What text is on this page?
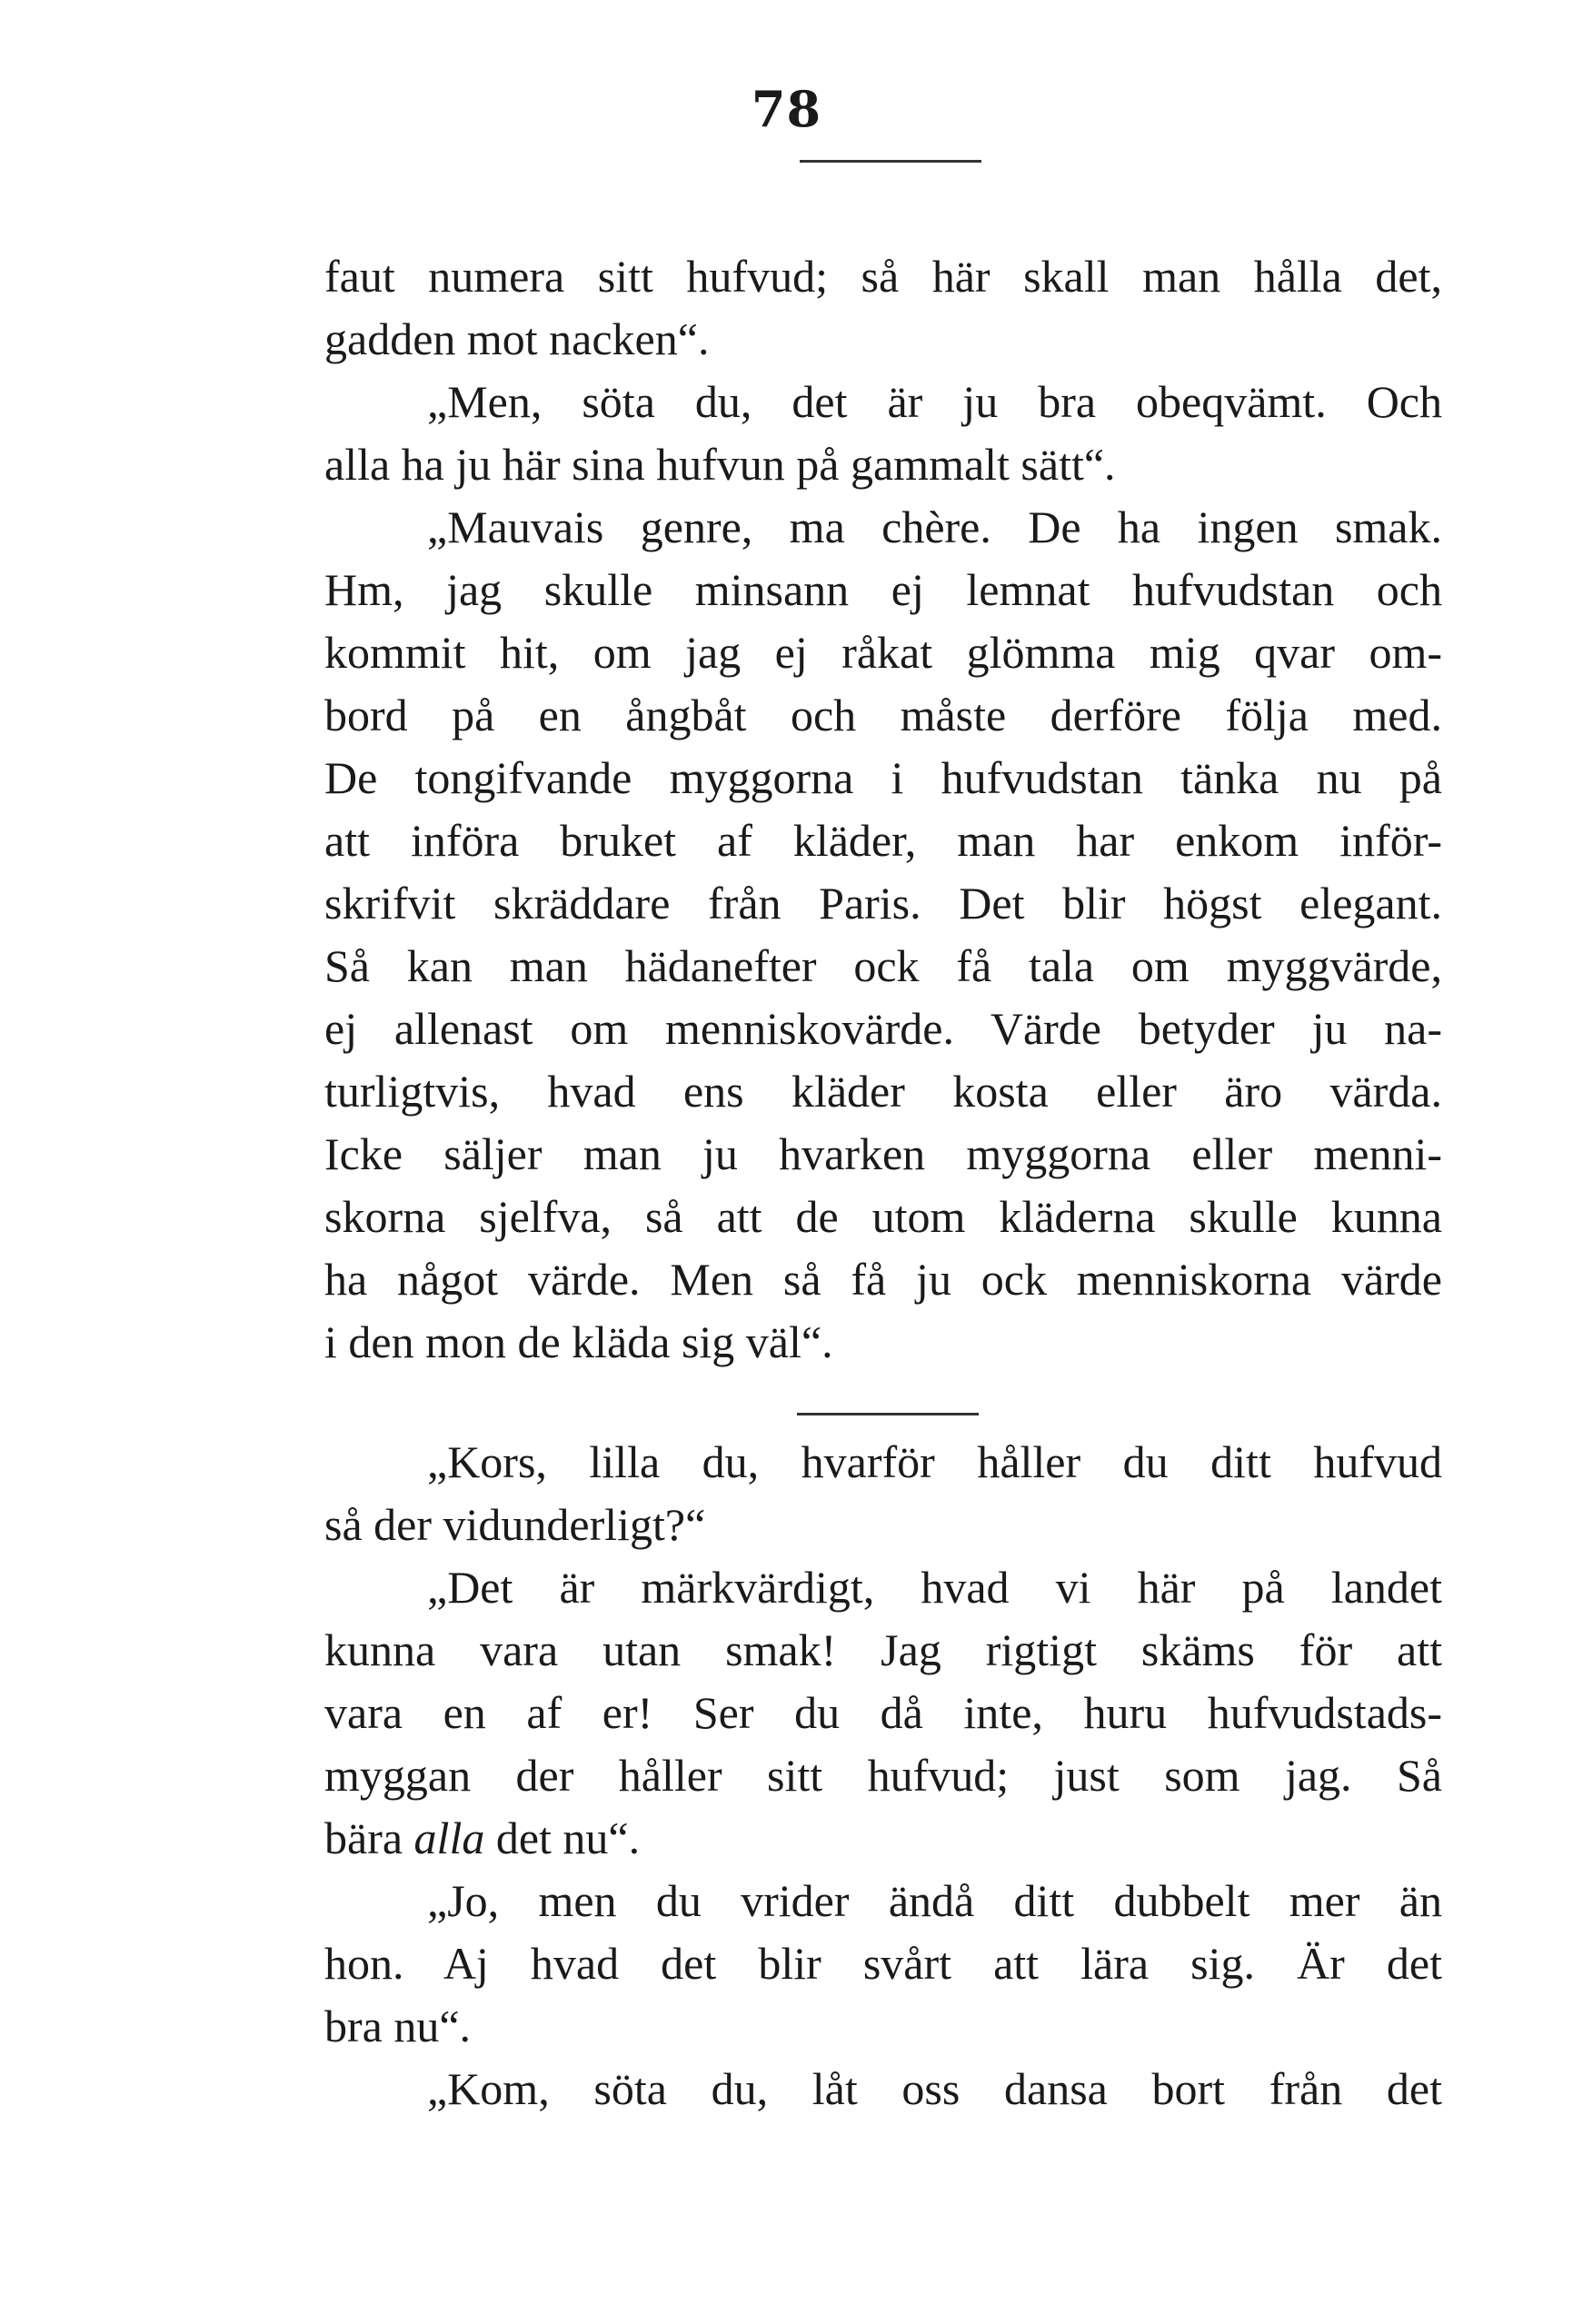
78
faut numera sitt hufvud; så här skall man hålla det,
gadden mot nacken“.
„Men, söta du, det är ju bra obeqvämt. Och
alla ha ju här sina hufvun på gammalt sätt“.
„Mauvais genre, ma chère. De ha ingen smak.
Hm, jag skulle minsann ej lemnat hufvudstan och
kommit hit, om jag ej råkat glömma mig qvar om-
bord på en ångbåt och måste derföre följa med.
De tongifvande myggorna i hufvudstan tänka nu på
att införa bruket af kläder, man har enkom inför-
skrifvit skräddare från Paris. Det blir högst elegant.
Så kan man hädanefter ock få tala om myggvärde,
ej allenast om menniskovärde. Värde betyder ju na-
turligtvis, hvad ens kläder kosta eller äro värda.
Icke säljer man ju hvarken myggorna eller menni-
skorna sjelfva, så att de utom kläderna skulle kunna
ha något värde. Men så få ju ock menniskorna värde
i den mon de kläda sig väl“.
„Kors, lilla du, hvarför håller du ditt hufvud
så der vidunderligt?“
„Det är märkvärdigt, hvad vi här på landet
kunna vara utan smak! Jag rigtigt skäms för att
vara en af er! Ser du då inte, huru hufvudstads-
myggan der håller sitt hufvud; just som jag. Så
bära alla det nu“.
„Jo, men du vrider ändå ditt dubbelt mer än
hon. Aj hvad det blir svårt att lära sig. Är det
bra nu“.
„Kom, söta du, låt oss dansa bort från det
